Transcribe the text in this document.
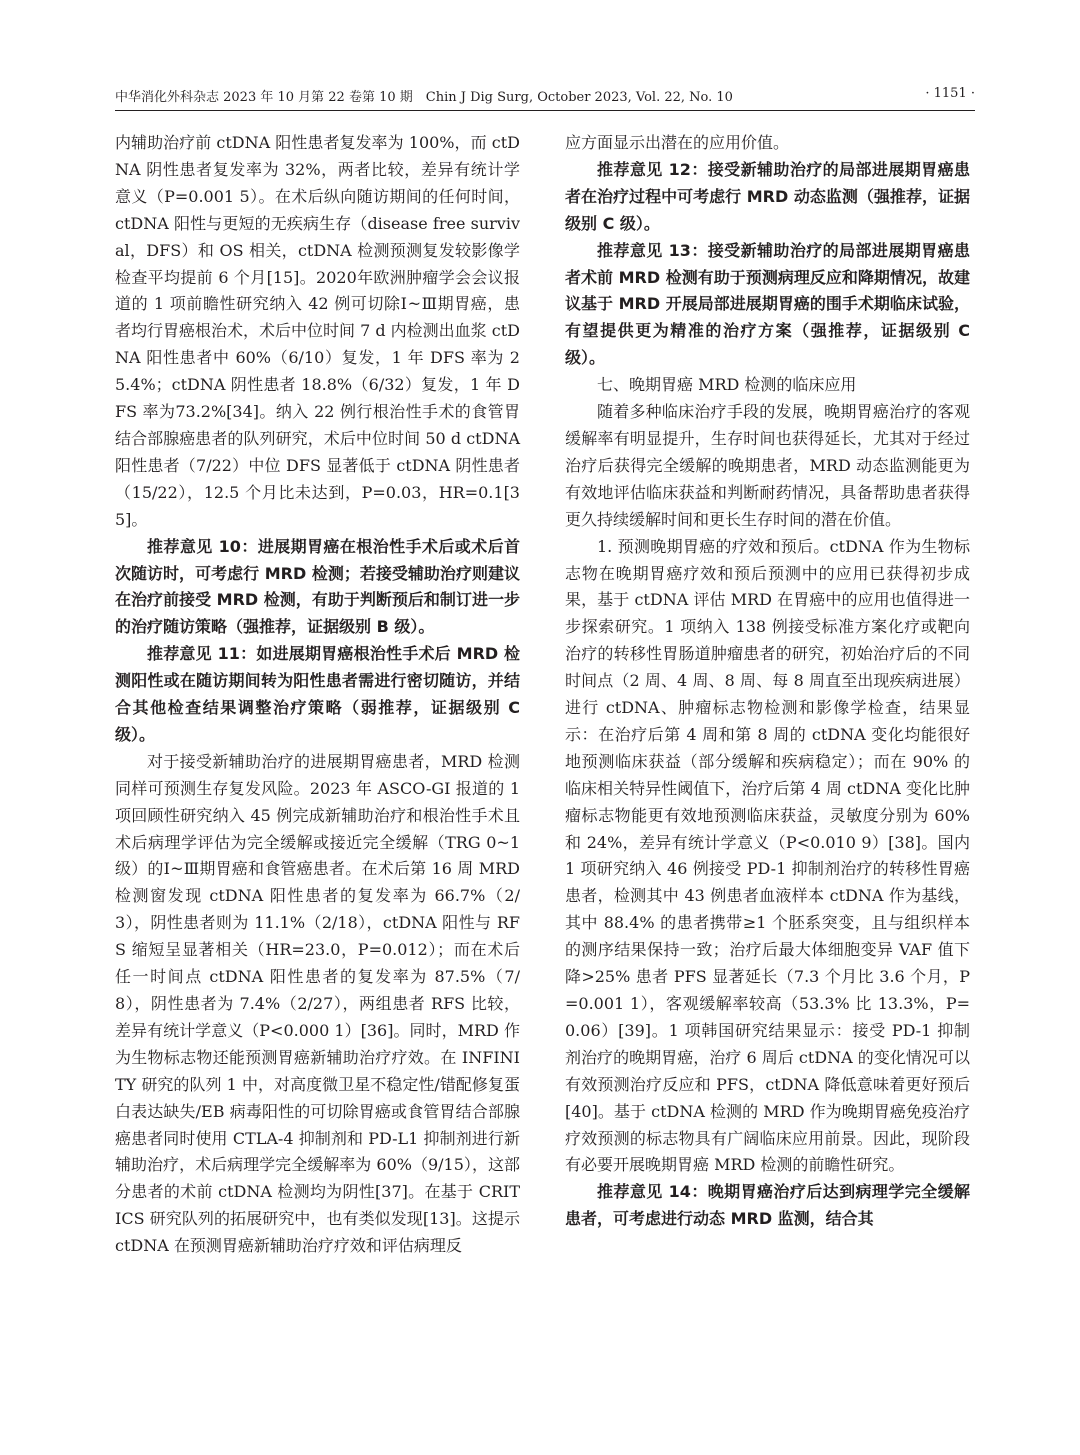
中华消化外科杂志 2023 年 10 月第 22 卷第 10 期　Chin J Dig Surg, October 2023, Vol. 22, No. 10	· 1151 ·

内辅助治疗前 ctDNA 阳性患者复发率为 100%，而 ctDNA 阴性患者复发率为 32%，两者比较，差异有统计学意义（P=0.001 5）。在术后纵向随访期间的任何时间，ctDNA 阳性与更短的无疾病生存（disease free survival，DFS）和 OS 相关，ctDNA 检测预测复发较影像学检查平均提前 6 个月[15]。2020年欧洲肿瘤学会会议报道的 1 项前瞻性研究纳入 42 例可切除Ⅰ~Ⅲ期胃癌，患者均行胃癌根治术，术后中位时间 7 d 内检测出血浆 ctDNA 阳性患者中 60%（6/10）复发，1 年 DFS 率为 25.4%；ctDNA 阴性患者 18.8%（6/32）复发，1 年 DFS 率为73.2%[34]。纳入 22 例行根治性手术的食管胃结合部腺癌患者的队列研究，术后中位时间 50 d ctDNA 阳性患者（7/22）中位 DFS 显著低于 ctDNA 阴性患者（15/22），12.5 个月比未达到，P=0.03，HR=0.1[35]。

推荐意见 10：进展期胃癌在根治性手术后或术后首次随访时，可考虑行 MRD 检测；若接受辅助治疗则建议在治疗前接受 MRD 检测，有助于判断预后和制订进一步的治疗随访策略（强推荐，证据级别 B 级）。

推荐意见 11：如进展期胃癌根治性手术后 MRD 检测阳性或在随访期间转为阳性患者需进行密切随访，并结合其他检查结果调整治疗策略（弱推荐，证据级别 C 级）。

对于接受新辅助治疗的进展期胃癌患者，MRD 检测同样可预测生存复发风险。2023 年 ASCO-GI 报道的 1 项回顾性研究纳入 45 例完成新辅助治疗和根治性手术且术后病理学评估为完全缓解或接近完全缓解（TRG 0~1 级）的Ⅰ~Ⅲ期胃癌和食管癌患者。在术后第 16 周 MRD 检测窗发现 ctDNA 阳性患者的复发率为 66.7%（2/3），阴性患者则为 11.1%（2/18），ctDNA 阳性与 RFS 缩短呈显著相关（HR=23.0，P=0.012）；而在术后任一时间点 ctDNA 阳性患者的复发率为 87.5%（7/8），阴性患者为 7.4%（2/27），两组患者 RFS 比较，差异有统计学意义（P<0.000 1）[36]。同时，MRD 作为生物标志物还能预测胃癌新辅助治疗疗效。在 INFINITY 研究的队列 1 中，对高度微卫星不稳定性/错配修复蛋白表达缺失/EB 病毒阳性的可切除胃癌或食管胃结合部腺癌患者同时使用 CTLA-4 抑制剂和 PD-L1 抑制剂进行新辅助治疗，术后病理学完全缓解率为 60%（9/15），这部分患者的术前 ctDNA 检测均为阴性[37]。在基于 CRITICS 研究队列的拓展研究中，也有类似发现[13]。这提示 ctDNA 在预测胃癌新辅助治疗疗效和评估病理反

应方面显示出潜在的应用价值。

推荐意见 12：接受新辅助治疗的局部进展期胃癌患者在治疗过程中可考虑行 MRD 动态监测（强推荐，证据级别 C 级）。

推荐意见 13：接受新辅助治疗的局部进展期胃癌患者术前 MRD 检测有助于预测病理反应和降期情况，故建议基于 MRD 开展局部进展期胃癌的围手术期临床试验，有望提供更为精准的治疗方案（强推荐，证据级别 C 级）。

七、晚期胃癌 MRD 检测的临床应用

随着多种临床治疗手段的发展，晚期胃癌治疗的客观缓解率有明显提升，生存时间也获得延长，尤其对于经过治疗后获得完全缓解的晚期患者，MRD 动态监测能更为有效地评估临床获益和判断耐药情况，具备帮助患者获得更久持续缓解时间和更长生存时间的潜在价值。

1. 预测晚期胃癌的疗效和预后。ctDNA 作为生物标志物在晚期胃癌疗效和预后预测中的应用已获得初步成果，基于 ctDNA 评估 MRD 在胃癌中的应用也值得进一步探索研究。1 项纳入 138 例接受标准方案化疗或靶向治疗的转移性胃肠道肿瘤患者的研究，初始治疗后的不同时间点（2 周、4 周、8 周、每 8 周直至出现疾病进展）进行 ctDNA、肿瘤标志物检测和影像学检查，结果显示：在治疗后第 4 周和第 8 周的 ctDNA 变化均能很好地预测临床获益（部分缓解和疾病稳定）；而在 90% 的临床相关特异性阈值下，治疗后第 4 周 ctDNA 变化比肿瘤标志物能更有效地预测临床获益，灵敏度分别为 60% 和 24%，差异有统计学意义（P<0.010 9）[38]。国内 1 项研究纳入 46 例接受 PD-1 抑制剂治疗的转移性胃癌患者，检测其中 43 例患者血液样本 ctDNA 作为基线，其中 88.4% 的患者携带≥1 个胚系突变，且与组织样本的测序结果保持一致；治疗后最大体细胞变异 VAF 值下降>25% 患者 PFS 显著延长（7.3 个月比 3.6 个月，P=0.001 1），客观缓解率较高（53.3% 比 13.3%，P=0.06）[39]。1 项韩国研究结果显示：接受 PD-1 抑制剂治疗的晚期胃癌，治疗 6 周后 ctDNA 的变化情况可以有效预测治疗反应和 PFS，ctDNA 降低意味着更好预后[40]。基于 ctDNA 检测的 MRD 作为晚期胃癌免疫治疗疗效预测的标志物具有广阔临床应用前景。因此，现阶段有必要开展晚期胃癌 MRD 检测的前瞻性研究。

推荐意见 14：晚期胃癌治疗后达到病理学完全缓解患者，可考虑进行动态 MRD 监测，结合其
